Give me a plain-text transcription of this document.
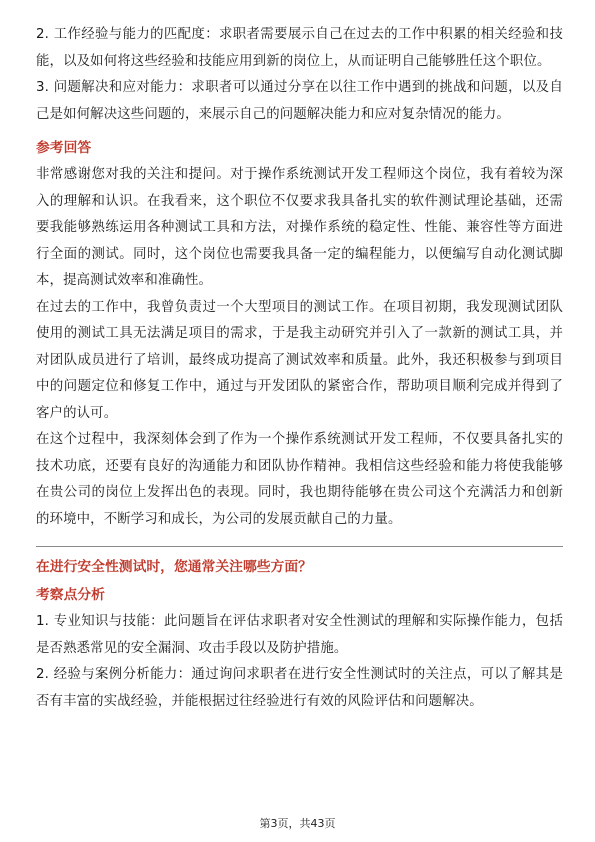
2. 工作经验与能力的匹配度：求职者需要展示自己在过去的工作中积累的相关经验和技能，以及如何将这些经验和技能应用到新的岗位上，从而证明自己能够胜任这个职位。

3. 问题解决和应对能力：求职者可以通过分享在以往工作中遇到的挑战和问题，以及自己是如何解决这些问题的，来展示自己的问题解决能力和应对复杂情况的能力。

参考回答

非常感谢您对我的关注和提问。对于操作系统测试开发工程师这个岗位，我有着较为深入的理解和认识。在我看来，这个职位不仅要求我具备扎实的软件测试理论基础，还需要我能够熟练运用各种测试工具和方法，对操作系统的稳定性、性能、兼容性等方面进行全面的测试。同时，这个岗位也需要我具备一定的编程能力，以便编写自动化测试脚本，提高测试效率和准确性。

在过去的工作中，我曾负责过一个大型项目的测试工作。在项目初期，我发现测试团队使用的测试工具无法满足项目的需求，于是我主动研究并引入了一款新的测试工具，并对团队成员进行了培训，最终成功提高了测试效率和质量。此外，我还积极参与到项目中的问题定位和修复工作中，通过与开发团队的紧密合作，帮助项目顺利完成并得到了客户的认可。

在这个过程中，我深刻体会到了作为一个操作系统测试开发工程师，不仅要具备扎实的技术功底，还要有良好的沟通能力和团队协作精神。我相信这些经验和能力将使我能够在贵公司的岗位上发挥出色的表现。同时，我也期待能够在贵公司这个充满活力和创新的环境中，不断学习和成长，为公司的发展贡献自己的力量。

在进行安全性测试时，您通常关注哪些方面？
考察点分析

1. 专业知识与技能：此问题旨在评估求职者对安全性测试的理解和实际操作能力，包括是否熟悉常见的安全漏洞、攻击手段以及防护措施。

2. 经验与案例分析能力：通过询问求职者在进行安全性测试时的关注点，可以了解其是否有丰富的实战经验，并能根据过往经验进行有效的风险评估和问题解决。

第3页，共43页
